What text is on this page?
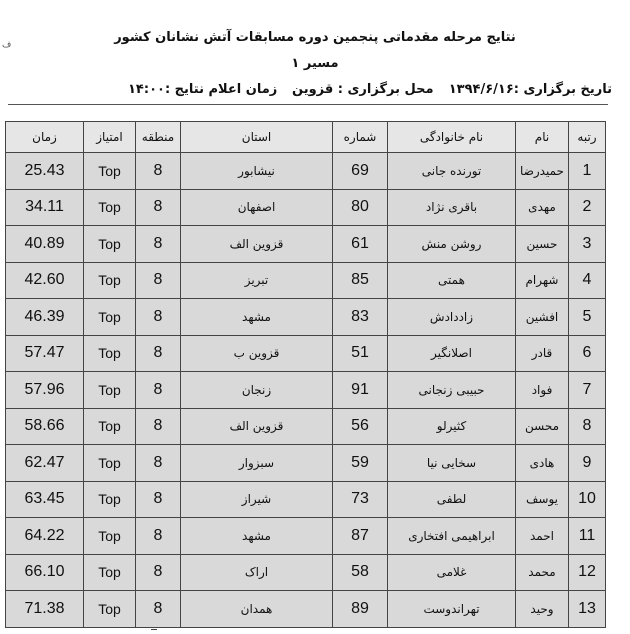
ف	نتایج مرحله مقدماتی پنجمین دوره مسابقات آتش نشانان کشور
مسیر ۱
تاریخ برگزاری :۱۳۹۴/۶/۱۶
محل برگزاری : قزوین
زمان اعلام نتایج :۱۴:۰۰
زمان	امتیاز	منطقه	استان	شماره	نام خانوادگی	نام	رتبه
25.43	Top	8	نیشابور	69	تورنده جانی	حمیدرضا	1
34.11	Top	8	اصفهان	80	باقری نژاد	مهدی	2
40.89	Top	8	قزوین الف	61	روشن منش	حسین	3
42.60	Top	8	تبریز	85	همتی	شهرام	4
46.39	Top	8	مشهد	83	زاددادش	افشین	5
57.47	Top	8	قزوین ب	51	اصلانگیر	قادر	6
57.96	Top	8	زنجان	91	حبیبی زنجانی	فواد	7
58.66	Top	8	قزوین الف	56	کثیرلو	محسن	8
62.47	Top	8	سبزوار	59	سخایی نیا	هادی	9
63.45	Top	8	شیراز	73	لطفی	یوسف	10
64.22	Top	8	مشهد	87	ابراهیمی افتخاری	احمد	11
66.10	Top	8	اراک	58	غلامی	محمد	12
71.38	Top	8	همدان	89	تهراندوست	وحید	13
